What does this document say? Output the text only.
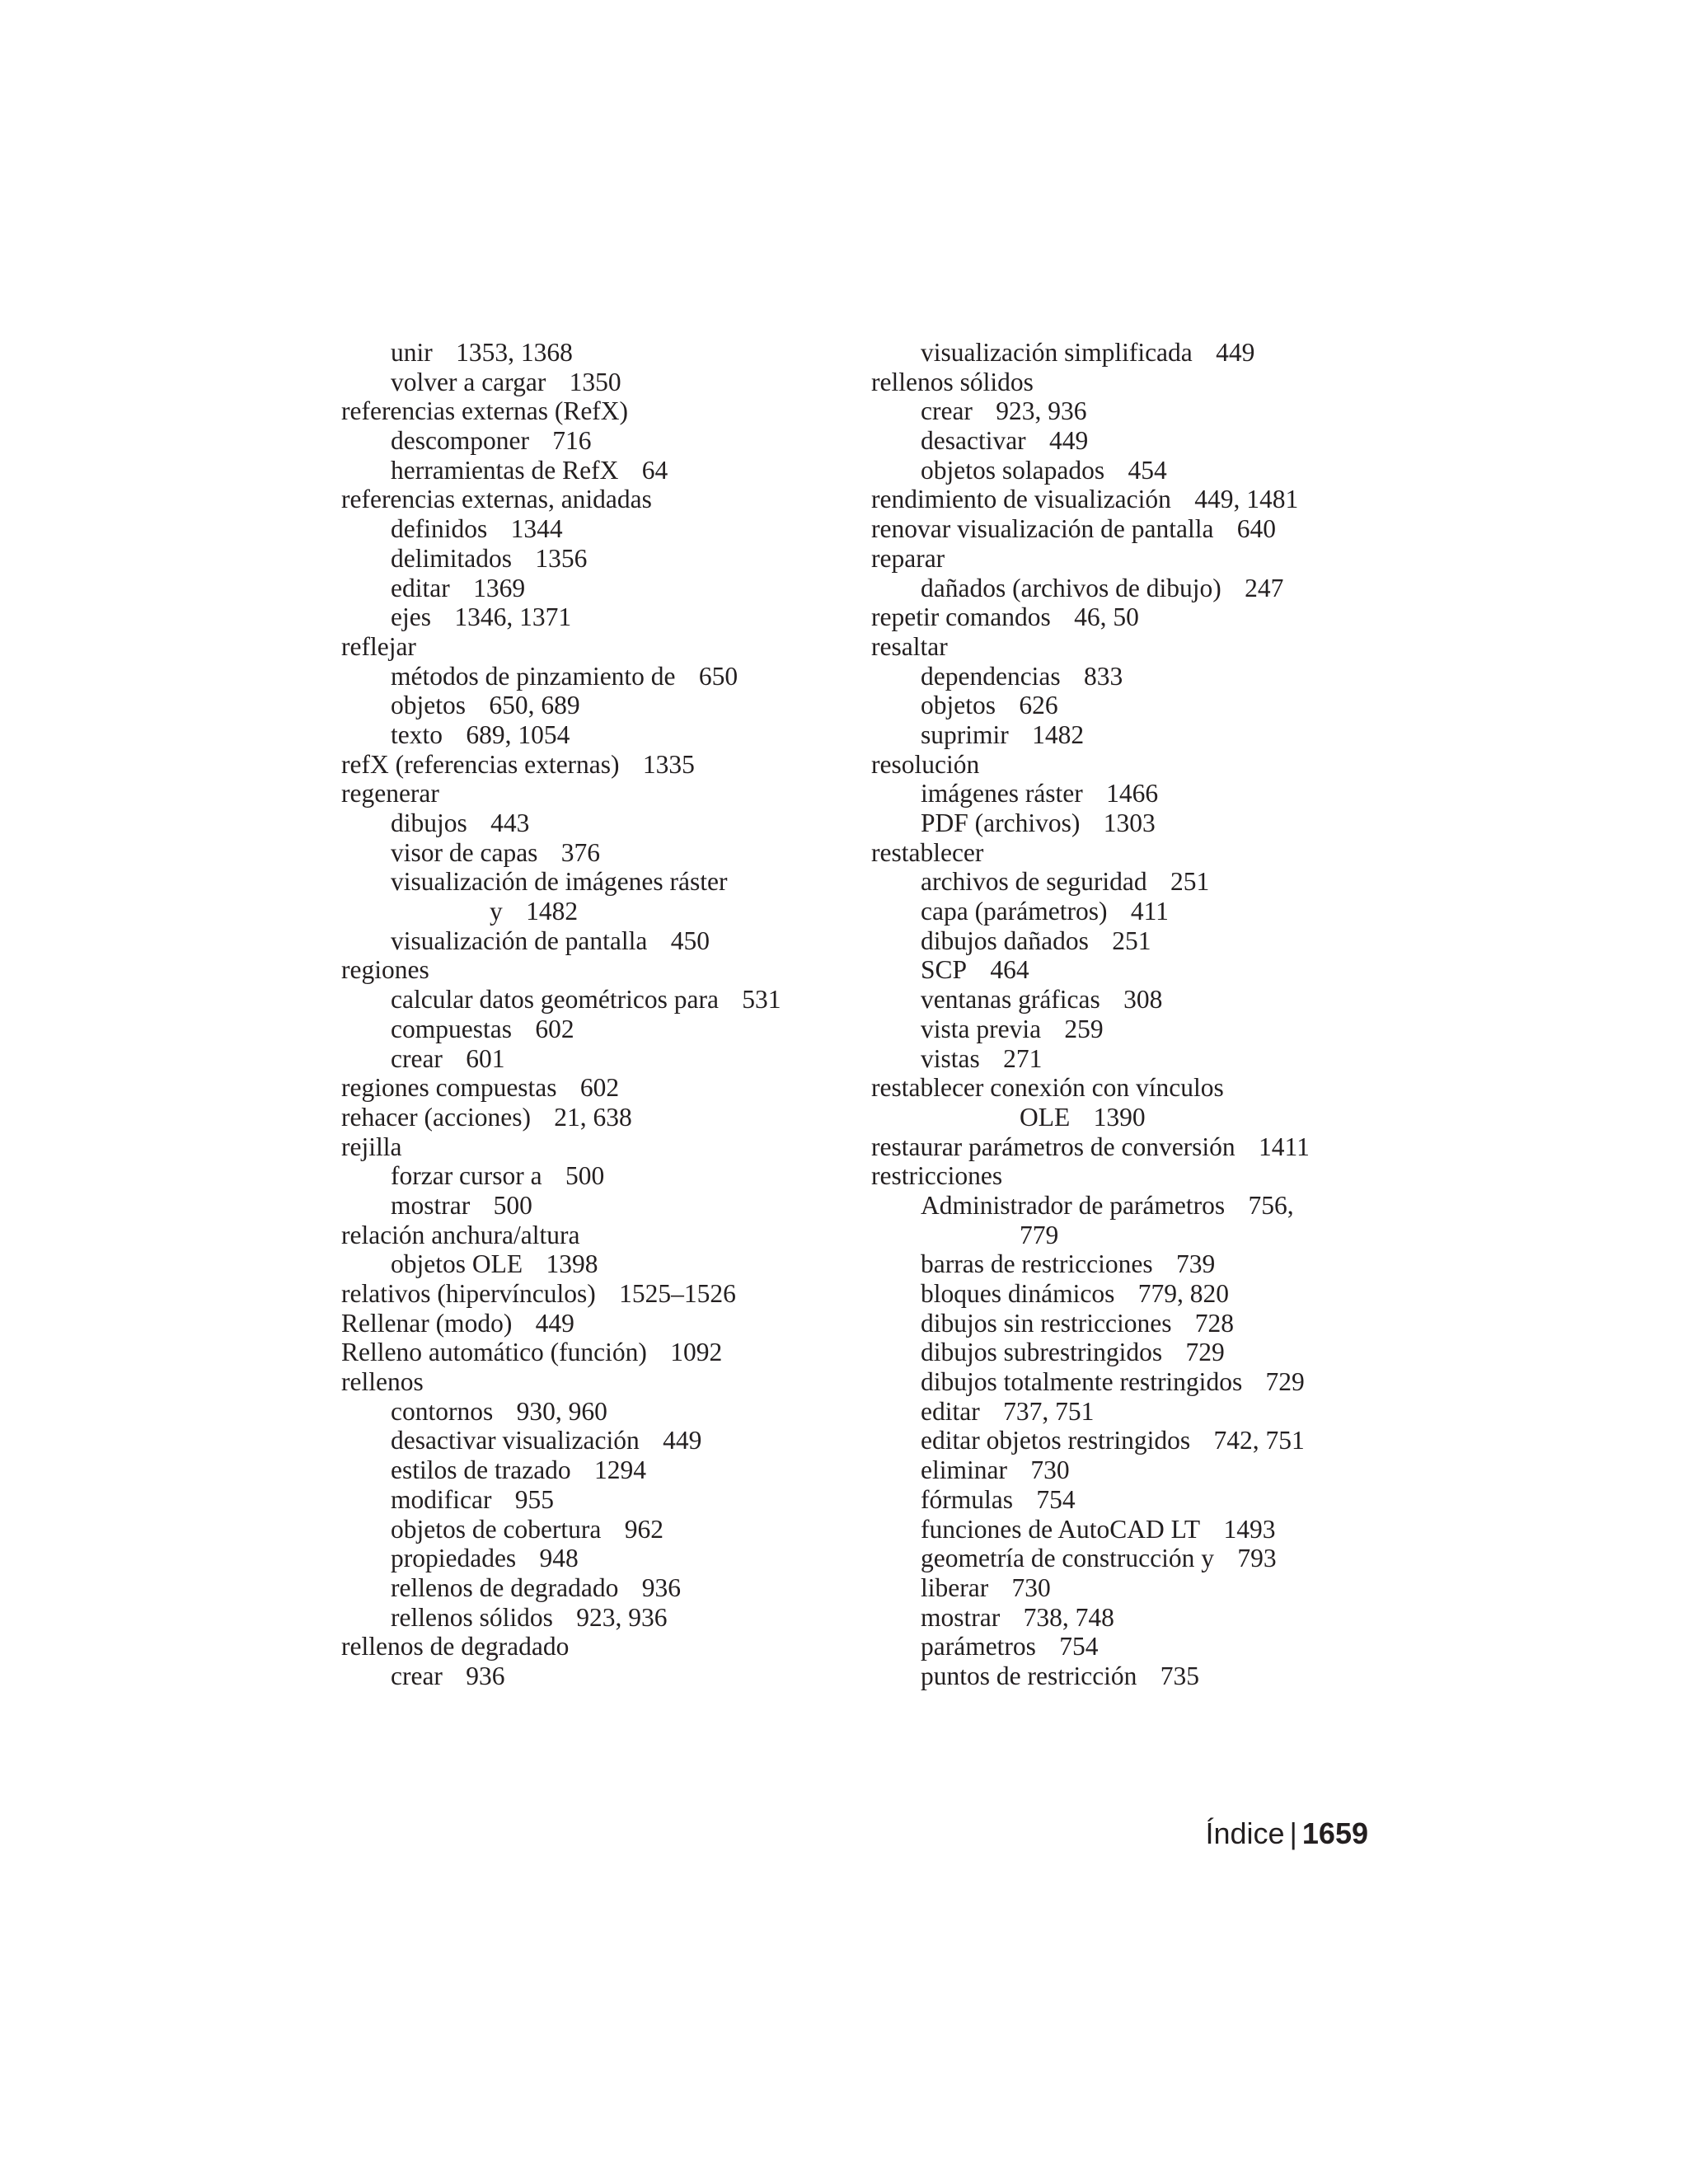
unir 1353, 1368
volver a cargar 1350
referencias externas (RefX)
descomponer 716
herramientas de RefX 64
referencias externas, anidadas
definidos 1344
delimitados 1356
editar 1369
ejes 1346, 1371
reflejar
métodos de pinzamiento de 650
objetos 650, 689
texto 689, 1054
refX (referencias externas) 1335
regenerar
dibujos 443
visor de capas 376
visualización de imágenes ráster
y 1482
visualización de pantalla 450
regiones
calcular datos geométricos para 531
compuestas 602
crear 601
regiones compuestas 602
rehacer (acciones) 21, 638
rejilla
forzar cursor a 500
mostrar 500
relación anchura/altura
objetos OLE 1398
relativos (hipervínculos) 1525–1526
Rellenar (modo) 449
Relleno automático (función) 1092
rellenos
contornos 930, 960
desactivar visualización 449
estilos de trazado 1294
modificar 955
objetos de cobertura 962
propiedades 948
rellenos de degradado 936
rellenos sólidos 923, 936
rellenos de degradado
crear 936
visualización simplificada 449
rellenos sólidos
crear 923, 936
desactivar 449
objetos solapados 454
rendimiento de visualización 449, 1481
renovar visualización de pantalla 640
reparar
dañados (archivos de dibujo) 247
repetir comandos 46, 50
resaltar
dependencias 833
objetos 626
suprimir 1482
resolución
imágenes ráster 1466
PDF (archivos) 1303
restablecer
archivos de seguridad 251
capa (parámetros) 411
dibujos dañados 251
SCP 464
ventanas gráficas 308
vista previa 259
vistas 271
restablecer conexión con vínculos
OLE 1390
restaurar parámetros de conversión 1411
restricciones
Administrador de parámetros 756,
779
barras de restricciones 739
bloques dinámicos 779, 820
dibujos sin restricciones 728
dibujos subrestringidos 729
dibujos totalmente restringidos 729
editar 737, 751
editar objetos restringidos 742, 751
eliminar 730
fórmulas 754
funciones de AutoCAD LT 1493
geometría de construcción y 793
liberar 730
mostrar 738, 748
parámetros 754
puntos de restricción 735
Índice | 1659
